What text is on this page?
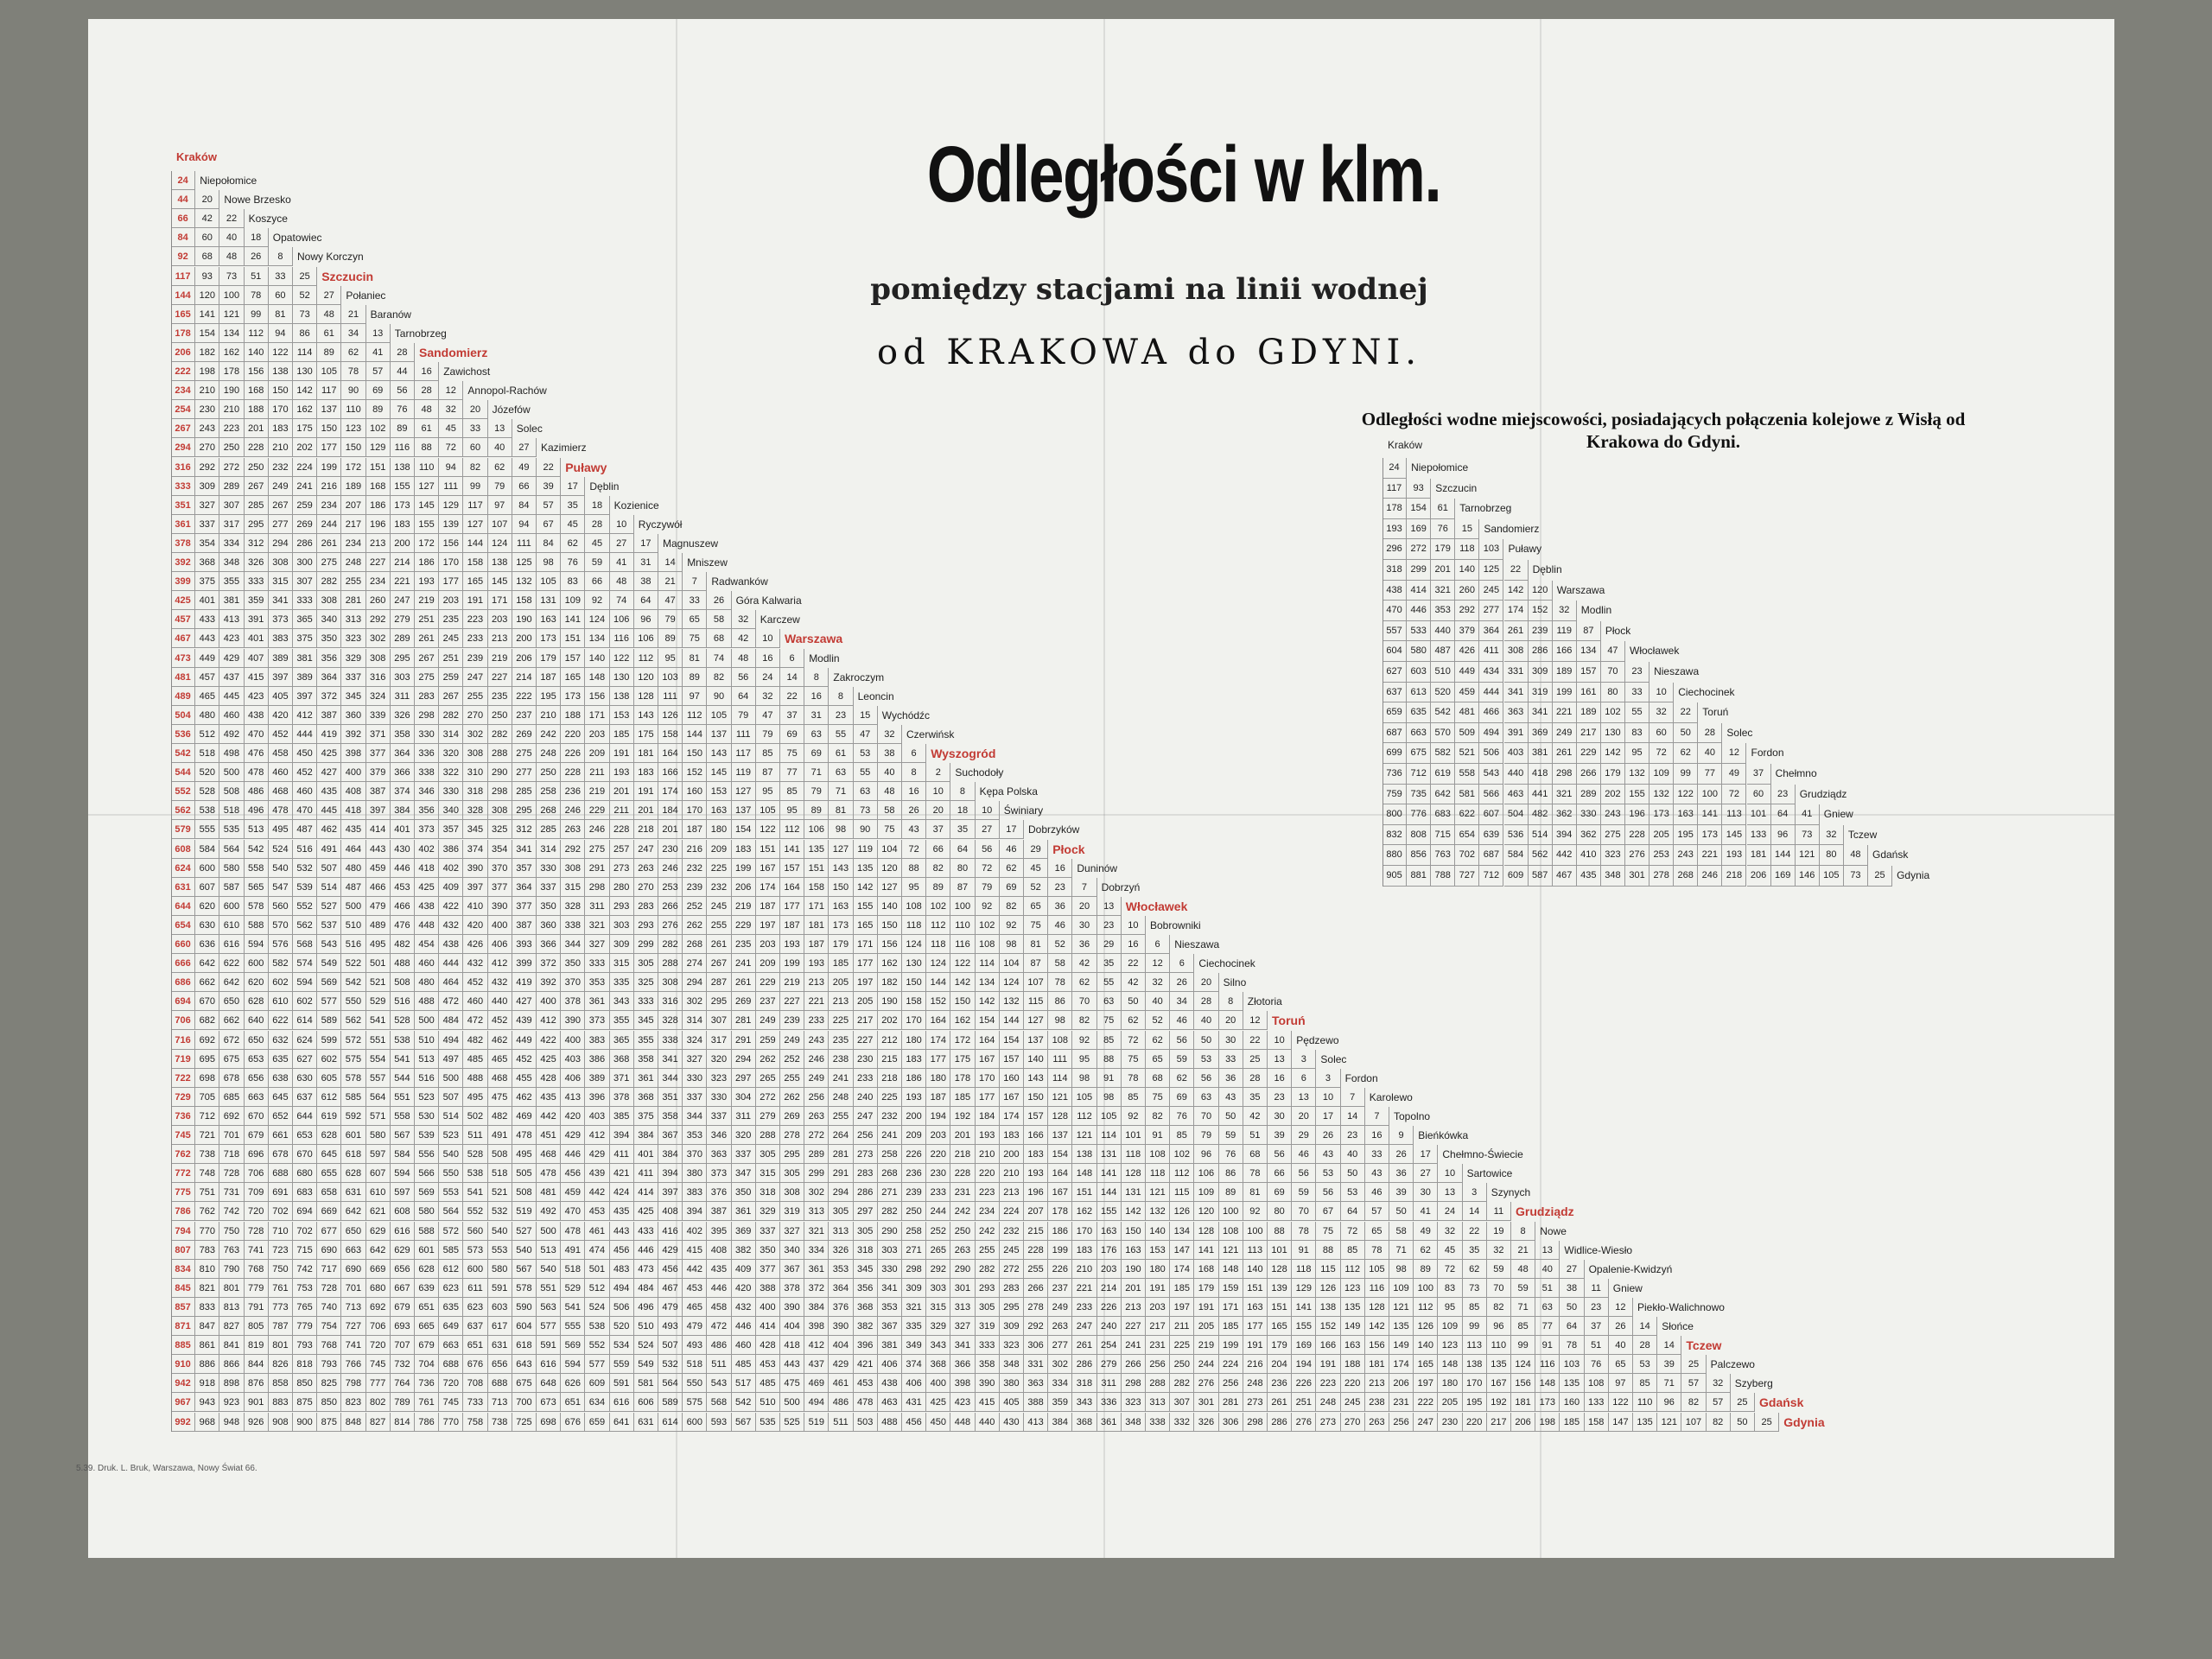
Odległości w klm.
pomiędzy stacjami na linii wodnej
od KRAKOWA do GDYNI.
Odległości wodne miejscowości, posiadających połączenia kolejowe z Wisłą od Krakowa do Gdyni.
Kraków
24	Niepołomice
44	20	Nowe Brzesko
66	42	22	Koszyce
84	60	40	18	Opatowiec
92	68	48	26	8	Nowy Korczyn
117	93	73	51	33	25 Szczucin
144 120 100	78	60	52	27	Połaniec
165 141 121	99	81	73	48	21	Baranów
178 154 134 112	94	86	61	34	13	Tarnobrzeg
206 182 162 140 122 114	89	62	41	28 Sandomierz
222 198 178 156 138 130 105	78	57	44	16	Zawichost
234 210 190 168 150 142 117	90	69	56	28	12	Annopol-Rachów
254 230 210 188 170 162 137 110	89	76	48	32	20	Józefów
267 243 223 201 183 175 150 123 102	89	61	45	33	13	Solec
294 270 250 228 210 202 177 150 129 116	88	72	60	40	27	Kazimierz
316 292 272 250 232 224 199 172 151 138 110	94	82	62	49	22 Puławy
333 309 289 267 249 241 216 189 168 155 127 111	99	79	66	39	17	Dęblin
351 327 307 285 267 259 234 207 186 173 145 129 117	97	84	57	35	18	Kozienice
361 337 317 295 277 269 244 217 196 183 155 139 127 107	94	67	45	28	10	Ryczywół
378 354 334 312 294 286 261 234 213 200 172 156 144 124 111	84	62	45	27	17	Magnuszew
392 368 348 326 308 300 275 248 227 214 186 170 158 138 125	98	76	59	41	31	14	Mniszew
399 375 355 333 315 307 282 255 234 221 193 177 165 145 132 105	83	66	48	38	21	7	Radwanków
425 401 381 359 341 333 308 281 260 247 219 203 191 171 158 131 109	92	74	64	47	33	26	Góra Kalwaria
457 433 413 391 373 365 340 313 292 279 251 235 223 203 190 163 141 124 106	96	79	65	58	32	Karczew
467 443 423 401 383 375 350 323 302 289 261 245 233 213 200 173 151 134 116 106	89	75	68	42	10 Warszawa
473 449 429 407 389 381 356 329 308 295 267 251 239 219 206 179 157 140 122 112	95	81	74	48	16	6	Modlin
481 457 437 415 397 389 364 337 316 303 275 259 247 227 214 187 165 148 130 120 103	89	82	56	24	14	8	Zakroczym
489 465 445 423 405 397 372 345 324 311 283 267 255 235 222 195 173 156 138 128 111	97	90	64	32	22	16	8	Leoncin
504 480 460 438 420 412 387 360 339 326 298 282 270 250 237 210 188 171 153 143 126 112 105	79	47	37	31	23	15	Wychódźc
536 512 492 470 452 444 419 392 371 358 330 314 302 282 269 242 220 203 185 175 158 144 137 111	79	69	63	55	47	32	Czerwińsk
542 518 498 476 458 450 425 398 377 364 336 320 308 288 275 248 226 209 191 181 164 150 143 117	85	75	69	61	53	38	6	Wyszogród
544 520 500 478 460 452 427 400 379 366 338 322 310 290 277 250 228 211 193 183 166 152 145 119	87	77	71	63	55	40	8	2	Suchodoły
552 528 508 486 468 460 435 408 387 374 346 330 318 298 285 258 236 219 201 191 174 160 153 127	95	85	79	71	63	48	16	10	8	Kępa Polska
562 538 518 496 478 470 445 418 397 384 356 340 328 308 295 268 246 229 211 201 184 170 163 137 105	95	89	81	73	58	26	20	18	10	Świniary
579 555 535 513 495 487 462 435 414 401 373 357 345 325 312 285 263 246 228 218 201 187 180 154 122 112 106	98	90	75	43	37	35	27	17	Dobrzyków
608 584 564 542 524 516 491 464 443 430 402 386 374 354 341 314 292 275 257 247 230 216 209 183 151 141 135 127 119 104	72	66	64	56	46	29 Płock
624 600 580 558 540 532 507 480 459 446 418 402 390 370 357 330 308 291 273 263 246 232 225 199 167 157 151 143 135 120	88	82	80	72	62	45	16	Duninów
631 607 587 565 547 539 514 487 466 453 425 409 397 377 364 337 315 298 280 270 253 239 232 206 174 164 158 150 142 127	95	89	87	79	69	52	23	7	Dobrzyń
644 620 600 578 560 552 527 500 479 466 438 422 410 390 377 350 328 311 293 283 266 252 245 219 187 177 171 163 155 140 108 102 100	92	82	65	36	20	13 Włocławek
654 630 610 588 570 562 537 510 489 476 448 432 420 400 387 360 338 321 303 293 276 262 255 229 197 187 181 173 165 150 118 112 110 102	92	75	46	30	23	10	Bobrowniki
660 636 616 594 576 568 543 516 495 482 454 438 426 406 393 366 344 327 309 299 282 268 261 235 203 193 187 179 171 156 124 118 116 108	98	81	52	36	29	16	6	Nieszawa
666 642 622 600 582 574 549 522 501 488 460 444 432 412 399 372 350 333 315 305 288 274 267 241 209 199 193 185 177 162 130 124 122 114 104	87	58	42	35	22	12	6	Ciechocinek
686 662 642 620 602 594 569 542 521 508 480 464 452 432 419 392 370 353 335 325 308 294 287 261 229 219 213 205 197 182 150 144 142 134 124 107	78	62	55	42	32	26	20	Silno
694 670 650 628 610 602 577 550 529 516 488 472 460 440 427 400 378 361 343 333 316 302 295 269 237 227 221 213 205 190 158 152 150 142 132 115	86	70	63	50	40	34	28	8	Złotoria
706 682 662 640 622 614 589 562 541 528 500 484 472 452 439 412 390 373 355 345 328 314 307 281 249 239 233 225 217 202 170 164 162 154 144 127	98	82	75	62	52	46	40	20	12 Toruń
716 692 672 650 632 624 599 572 551 538 510 494 482 462 449 422 400 383 365 355 338 324 317 291 259 249 243 235 227 212 180 174 172 164 154 137 108	92	85	72	62	56	50	30	22	10	Pędzewo
719 695 675 653 635 627 602 575 554 541 513 497 485 465 452 425 403 386 368 358 341 327 320 294 262 252 246 238 230 215 183 177 175 167 157 140 111	95	88	75	65	59	53	33	25	13	3	Solec
722 698 678 656 638 630 605 578 557 544 516 500 488 468 455 428 406 389 371 361 344 330 323 297 265 255 249 241 233 218 186 180 178 170 160 143 114	98	91	78	68	62	56	36	28	16	6	3	Fordon
729 705 685 663 645 637 612 585 564 551 523 507 495 475 462 435 413 396 378 368 351 337 330 304 272 262 256 248 240 225 193 187 185 177 167 150 121 105	98	85	75	69	63	43	35	23	13	10	7	Karolewo
736 712 692 670 652 644 619 592 571 558 530 514 502 482 469 442 420 403 385 375 358 344 337 311 279 269 263 255 247 232 200 194 192 184 174 157 128 112 105	92	82	76	70	50	42	30	20	17	14	7	Topolno
745 721 701 679 661 653 628 601 580 567 539 523 511 491 478 451 429 412 394 384 367 353 346 320 288 278 272 264 256 241 209 203 201 193 183 166 137 121 114 101	91	85	79	59	51	39	29	26	23	16	9	Bieńkówka
762 738 718 696 678 670 645 618 597 584 556 540 528 508 495 468 446 429 411 401 384 370 363 337 305 295 289 281 273 258 226 220 218 210 200 183 154 138 131 118 108 102	96	76	68	56	46	43	40	33	26	17	Chełmno-Świecie
772 748 728 706 688 680 655 628 607 594 566 550 538 518 505 478 456 439 421 411 394 380 373 347 315 305 299 291 283 268 236 230 228 220 210 193 164 148 141 128 118 112 106	86	78	66	56	53	50	43	36	27	10	Sartowice
775 751 731 709 691 683 658 631 610 597 569 553 541 521 508 481 459 442 424 414 397 383 376 350 318 308 302 294 286 271 239 233 231 223 213 196 167 151 144 131 121 115 109	89	81	69	59	56	53	46	39	30	13	3	Szynych
786 762 742 720 702 694 669 642 621 608 580 564 552 532 519 492 470 453 435 425 408 394 387 361 329 319 313 305 297 282 250 244 242 234 224 207 178 162 155 142 132 126 120 100	92	80	70	67	64	57	50	41	24	14	11 Grudziądz
794 770 750 728 710 702 677 650 629 616 588 572 560 540 527 500 478 461 443 433 416 402 395 369 337 327 321 313 305 290 258 252 250 242 232 215 186 170 163 150 140 134 128 108 100	88	78	75	72	65	58	49	32	22	19	8	Nowe
807 783 763 741 723 715 690 663 642 629 601 585 573 553 540 513 491 474 456 446 429 415 408 382 350 340 334 326 318 303 271 265 263 255 245 228 199 183 176 163 153 147 141 121 113 101	91	88	85	78	71	62	45	35	32	21	13	Widlice-Wiesło
834 810 790 768 750 742 717 690 669 656 628 612 600 580 567 540 518 501 483 473 456 442 435 409 377 367 361 353 345 330 298 292 290 282 272 255 226 210 203 190 180 174 168 148 140 128 118 115 112 105	98	89	72	62	59	48	40	27	Opalenie-Kwidzyń
845 821 801 779 761 753 728 701 680 667 639 623 611 591 578 551 529 512 494 484 467 453 446 420 388 378 372 364 356 341 309 303 301 293 283 266 237 221 214 201 191 185 179 159 151 139 129 126 123 116 109 100	83	73	70	59	51	38	11	Gniew
857 833 813 791 773 765 740 713 692 679 651 635 623 603 590 563 541 524 506 496 479 465 458 432 400 390 384 376 368 353 321 315 313 305 295 278 249 233 226 213 203 197 191 171 163 151 141 138 135 128 121 112	95	85	82	71	63	50	23	12	Piekło-Walichnowo
871 847 827 805 787 779 754 727 706 693 665 649 637 617 604 577 555 538 520 510 493 479 472 446 414 404 398 390 382 367 335 329 327 319 309 292 263 247 240 227 217 211 205 185 177 165 155 152 149 142 135 126 109	99	96	85	77	64	37	26	14	Słońce
885 861 841 819 801 793 768 741 720 707 679 663 651 631 618 591 569 552 534 524 507 493 486 460 428 418 412 404 396 381 349 343 341 333 323 306 277 261 254 241 231 225 219 199 191 179 169 166 163 156 149 140 123 113 110	99	91	78	51	40	28	14 Tczew
910 886 866 844 826 818 793 766 745 732 704 688 676 656 643 616 594 577 559 549 532 518 511 485 453 443 437 429 421 406 374 368 366 358 348 331 302 286 279 266 256 250 244 224 216 204 194 191 188 181 174 165 148 138 135 124 116 103	76	65	53	39	25	Palczewo
942 918 898 876 858 850 825 798 777 764 736 720 708 688 675 648 626 609 591 581 564 550 543 517 485 475 469 461 453 438 406 400 398 390 380 363 334 318 311 298 288 282 276 256 248 236 226 223 220 213 206 197 180 170 167 156 148 135 108	97	85	71	57	32	Szyberg
967 943 923 901 883 875 850 823 802 789 761 745 733 713 700 673 651 634 616 606 589 575 568 542 510 500 494 486 478 463 431 425 423 415 405 388 359 343 336 323 313 307 301 281 273 261 251 248 245 238 231 222 205 195 192 181 173 160 133 122 110	96	82	57	25 Gdańsk
992 968 948 926 908 900 875 848 827 814 786 770 758 738 725 698 676 659 641 631 614 600 593 567 535 525 519 511 503 488 456 450 448 440 430 413 384 368 361 348 338 332 326 306 298 286 276 273 270 263 256 247 230 220 217 206 198 185 158 147 135 121 107	82	50	25 Gdynia
Kraków
24	Niepołomice
117	93	Szczucin
178 154	61	Tarnobrzeg
193 169	76	15	Sandomierz
296 272 179 118 103 Puławy
318 299 201 140 125	22	Dęblin
438 414 321 260 245 142 120 Warszawa
470 446 353 292 277 174 152	32	Modlin
557 533 440 379 364 261 239 119	87	Płock
604 580 487 426 411 308 286 166 134	47	Włocławek
627 603 510 449 434 331 309 189 157	70	23	Nieszawa
637 613 520 459 444 341 319 199 161	80	33	10	Ciechocinek
659 635 542 481 466 363 341 221 189 102	55	32	22	Toruń
687 663 570 509 494 391 369 249 217 130	83	60	50	28	Solec
699 675 582 521 506 403 381 261 229 142	95	72	62	40	12	Fordon
736 712 619 558 543 440 418 298 266 179 132 109	99	77	49	37	Chełmno
759 735 642 581 566 463 441 321 289 202 155 132 122 100	72	60	23	Grudziądz
800 776 683 622 607 504 482 362 330 243 196 173 163 141 113 101	64	41	Gniew
832 808 715 654 639 536 514 394 362 275 228 205 195 173 145 133	96	73	32	Tczew
880 856 763 702 687 584 562 442 410 323 276 253 243 221 193 181 144 121	80	48	Gdańsk
905 881 788 727 712 609 587 467 435 348 301 278 268 246 218 206 169 146 105	73	25	Gdynia
5.39. Druk. L. Bruk, Warszawa, Nowy Świat 66.
